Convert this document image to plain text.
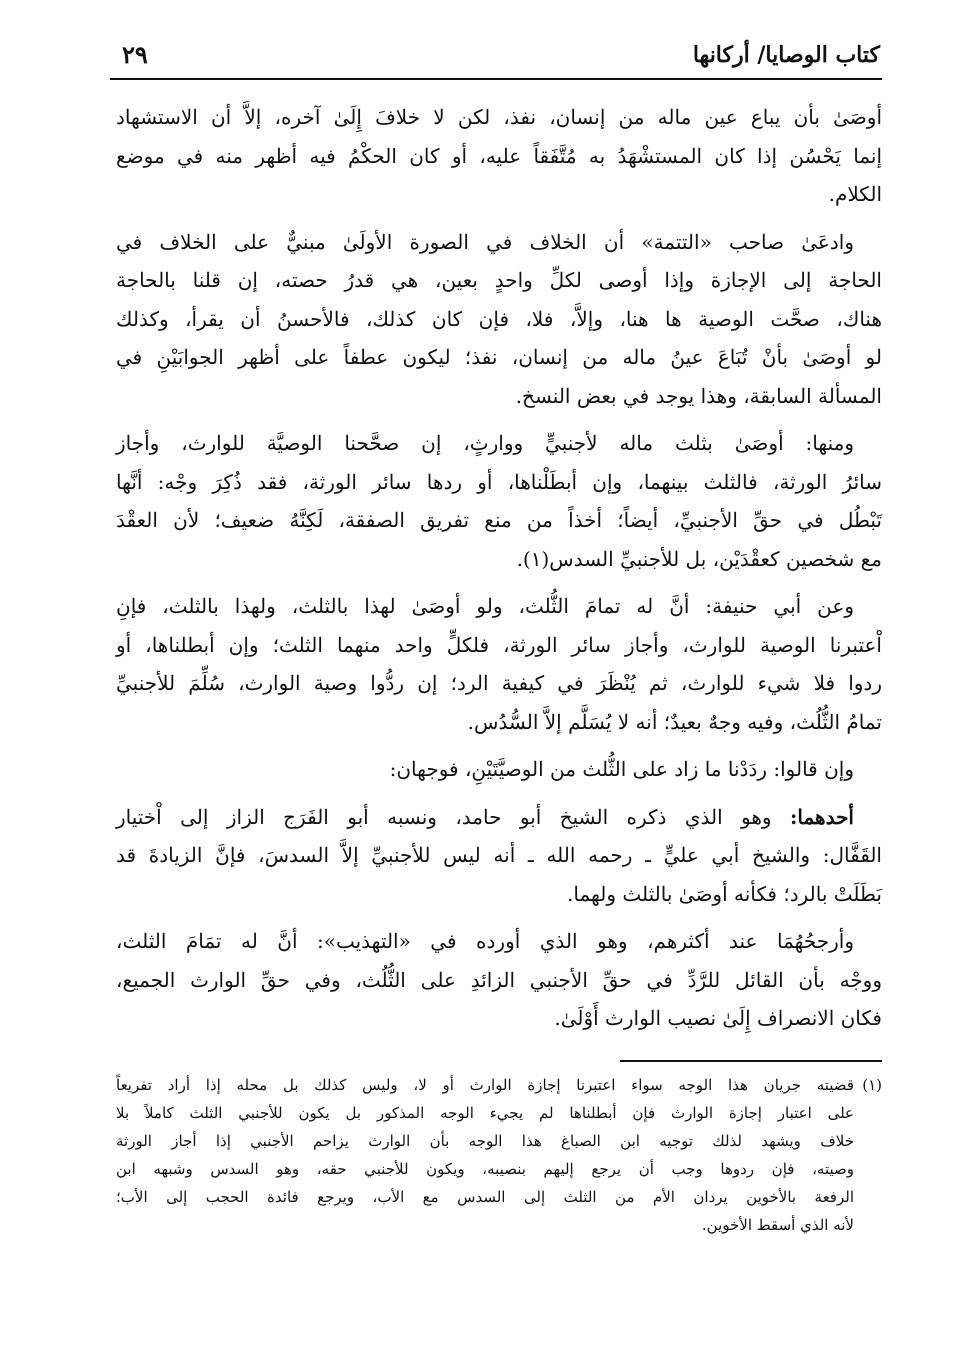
كتاب الوصايا/ أركانها
٢٩
أوصَىٰ بأن يباع عين ماله من إنسان، نفذ، لكن لا خلافَ إِلَىٰ آخره، إلاَّ أن الاستشهاد
إنما يَحْسُن إذا كان المستشْهَدُ به مُتَّفَقاً عليه، أو كان الحكْمُ فيه أظهر منه في موضع
الكلام.
وادعَىٰ صاحب «التتمة» أن الخلاف في الصورة الأولَىٰ مبنيٌّ على الخلاف في
الحاجة إلى الإجازة وإذا أوصى لكلِّ واحدٍ بعين، هي قدرُ حصته، إن قلنا بالحاجة
هناك، صحَّت الوصية ها هنا، وإلاَّ، فلا، فإن كان كذلك، فالأحسنُ أن يقرأ، وكذلك
لو أوصَىٰ بأنْ تُبَاعَ عينُ ماله من إنسان، نفذ؛ ليكون عطفاً على أظهر الجوابَيْنِ في
المسألة السابقة، وهذا يوجد في بعض النسخ.
ومنها: أوصَىٰ بثلث ماله لأجنبيٍّ ووارثٍ، إن صحَّحنا الوصيَّة للوارث، وأجاز
سائرُ الورثة، فالثلث بينهما، وإن أبطَلْناها، أو ردها سائر الورثة، فقد ذُكِرَ وجْه: أنَّها
تَبْطُل في حقِّ الأجنبيِّ، أيضاً؛ أخذاً من منع تفريق الصفقة، لَكِنَّهُ ضعيف؛ لأن العقْدَ
مع شخصين كعقْدَيْن، بل للأجنبيِّ السدس(١).
وعن أبي حنيفة: أنَّ له تمامَ الثُّلث، ولو أوصَىٰ لهذا بالثلث، ولهذا بالثلث، فإنِ
اْعتبرنا الوصية للوارث، وأجاز سائر الورثة، فلكلٍّ واحد منهما الثلث؛ وإن أبطلناها، أو
ردوا فلا شيء للوارث، ثم يُنْظَرَ في كيفية الرد؛ إن ردُّوا وصية الوارث، سُلِّمَ للأجنبيِّ
تمامُ الثُّلُث، وفيه وجهٌ بعيدٌ؛ أنه لا يُسَلَّم إلاَّ السُّدُس.
وإن قالوا: ردَدْنا ما زاد على الثُّلث من الوصيَّتَيْنِ، فوجهان:
أحدهما: وهو الذي ذكره الشيخ أبو حامد، ونسبه أبو الفَرَج الزاز إلى اْختيار
القَفَّال: والشيخ أبي عليٍّ ـ رحمه الله ـ أنه ليس للأجنبيِّ إلاَّ السدسَ، فإنَّ الزيادةَ قد
بَطَلَتْ بالرد؛ فكأنه أوصَىٰ بالثلث ولهما.
وأرجحُهُمَا عند أكثرهم، وهو الذي أورده في «التهذيب»: أنَّ له تمَامَ الثلث،
ووجْه بأن القائل للرَّدِّ في حقِّ الأجنبي الزائدِ على الثُّلُث، وفي حقِّ الوارث الجميع،
فكان الانصراف إِلَىٰ نصيب الوارث أَوْلَىٰ.
(١)
قضيته جريان هذا الوجه سواء اعتبرنا إجازة الوارث أو لا، وليس كذلك بل محله إذا أراد تفريعاً
على اعتبار إجازة الوارث فإن أبطلناها لم يجيء الوجه المذكور بل يكون للأجنبي الثلث كاملاً بلا
خلاف ويشهد لذلك توجيه ابن الصباغ هذا الوجه بأن الوارث يزاحم الأجنبي إذا أجاز الورثة
وصيته، فإن ردوها وجب أن يرجع إليهم بنصيبه، ويكون للأجنبي حقه، وهو السدس وشبهه ابن
الرفعة بالأخوين يردان الأم من الثلث إلى السدس مع الأب، ويرجع فائدة الحجب إلى الأب؛
لأنه الذي أسقط الأخوين.
